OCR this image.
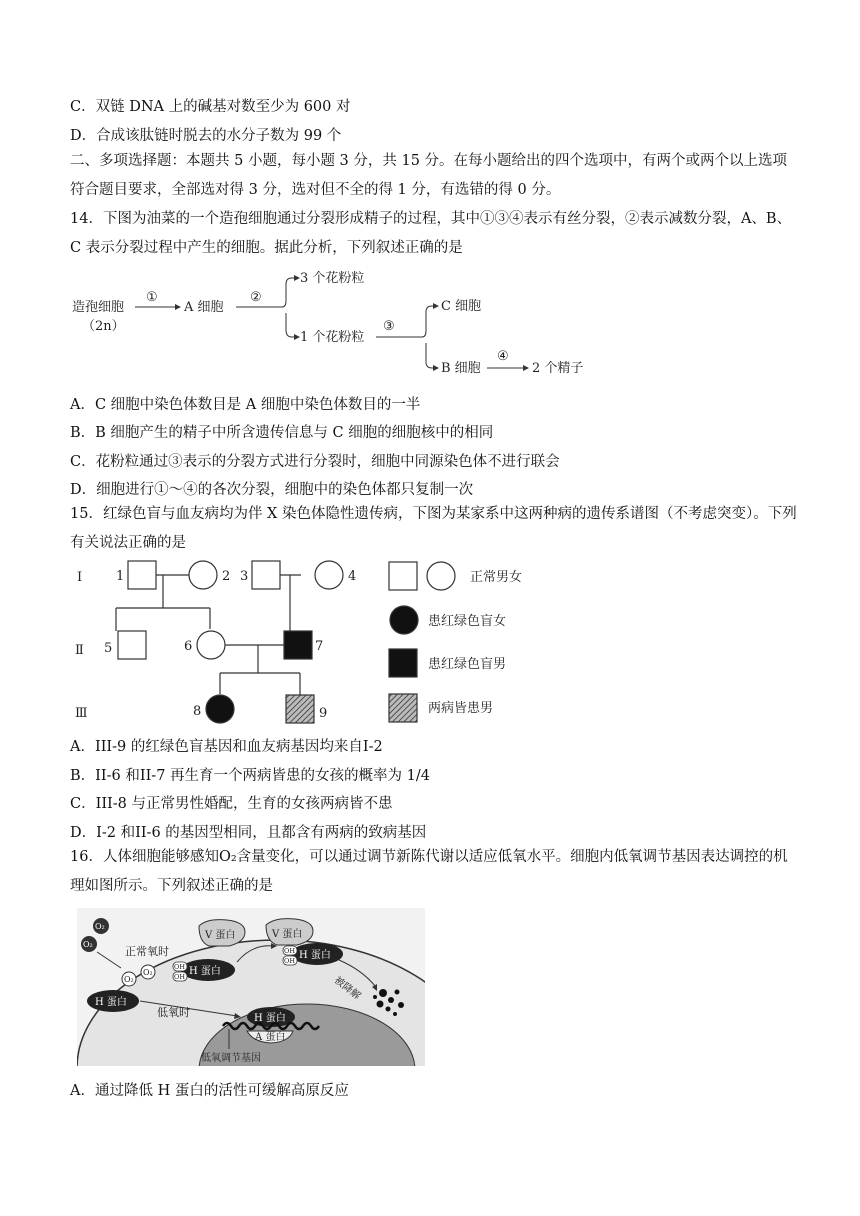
C．双链 DNA 上的碱基对数至少为 600 对
D．合成该肽链时脱去的水分子数为 99 个
二、多项选择题：本题共 5 小题，每小题 3 分，共 15 分。在每小题给出的四个选项中，有两个或两个以上选项符合题目要求，全部选对得 3 分，选对但不全的得 1 分，有选错的得 0 分。
14．下图为油菜的一个造孢细胞通过分裂形成精子的过程，其中①③④表示有丝分裂，②表示减数分裂，A、B、C 表示分裂过程中产生的细胞。据此分析，下列叙述正确的是
造孢细胞
（2n）
①
A 细胞
②
3 个花粉粒
1 个花粉粒
③
C 细胞
B 细胞
④
2 个精子
A．C 细胞中染色体数目是 A 细胞中染色体数目的一半
B．B 细胞产生的精子中所含遗传信息与 C 细胞的细胞核中的相同
C．花粉粒通过③表示的分裂方式进行分裂时，细胞中同源染色体不进行联会
D．细胞进行①～④的各次分裂，细胞中的染色体都只复制一次
15．红绿色盲与血友病均为伴 X 染色体隐性遗传病，下图为某家系中这两种病的遗传系谱图（不考虑突变）。下列有关说法正确的是
I
Ⅱ
Ⅲ
1	2 3	4
5	6	7
8	9
正常男女
患红绿色盲女
患红绿色盲男
两病皆患男
A．III-9 的红绿色盲基因和血友病基因均来自I-2
B．II-6 和II-7 再生育一个两病皆患的女孩的概率为 1/4
C．III-8 与正常男性婚配，生育的女孩两病皆不患
D．I-2 和II-6 的基因型相同，且都含有两病的致病基因
16．人体细胞能够感知O₂含量变化，可以通过调节新陈代谢以适应低氧水平。细胞内低氧调节基因表达调控的机理如图所示。下列叙述正确的是
O₂
O₂
O₂
O₂
正常氧时
V 蛋白	V 蛋白
H 蛋白
OH
OH
H 蛋白
OH
OH
被降解
H 蛋白
低氧时	H 蛋白
A 蛋白
低氧调节基因
A．通过降低 H 蛋白的活性可缓解高原反应
